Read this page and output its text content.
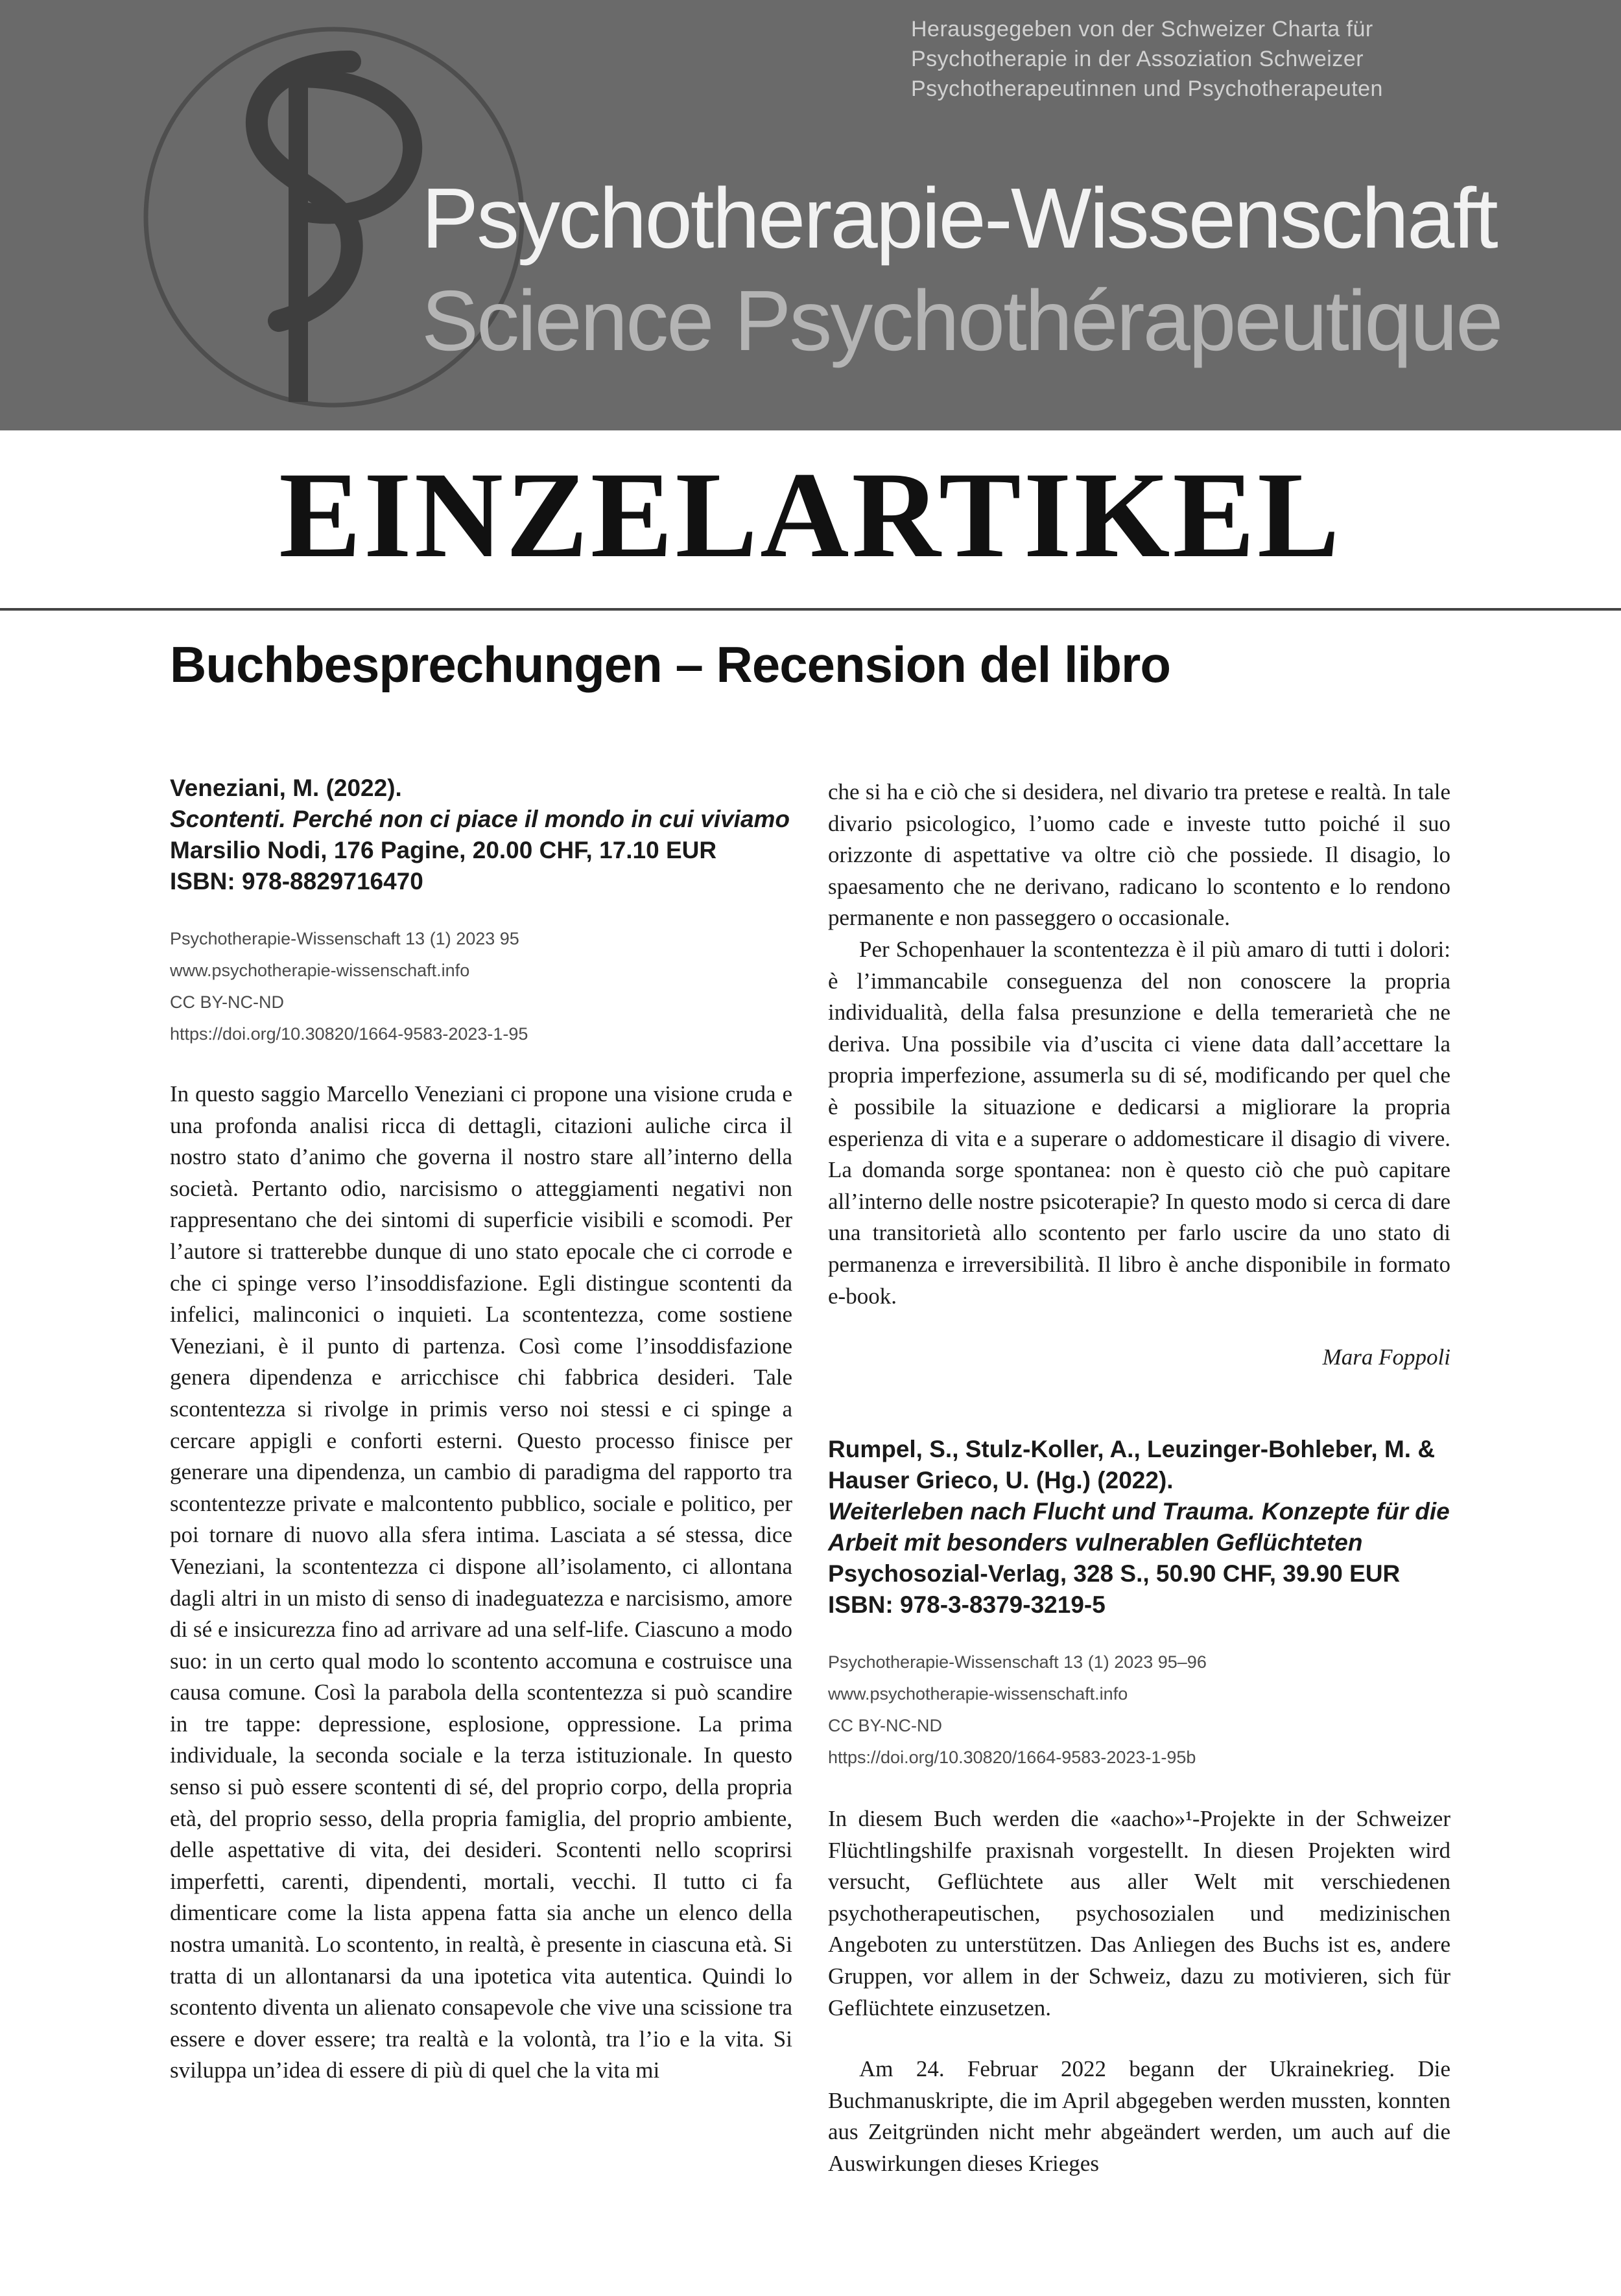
Herausgegeben von der Schweizer Charta für
Psychotherapie in der Assoziation Schweizer
Psychotherapeutinnen und Psychotherapeuten
Psychotherapie-Wissenschaft
Science Psychothérapeutique
EINZELARTIKEL
Buchbesprechungen – Recension del libro
Veneziani, M. (2022).
Scontenti. Perché non ci piace il mondo in cui viviamo
Marsilio Nodi, 176 Pagine, 20.00 CHF, 17.10 EUR
ISBN: 978-8829716470
Psychotherapie-Wissenschaft 13 (1) 2023 95
www.psychotherapie-wissenschaft.info
CC BY-NC-ND
https://doi.org/10.30820/1664-9583-2023-1-95

In questo saggio Marcello Veneziani ci propone una visione cruda e una profonda analisi ricca di dettagli, citazioni auliche circa il nostro stato d’animo che governa il nostro stare all’interno della società. Pertanto odio, narcisismo o atteggiamenti negativi non rappresentano che dei sintomi di superficie visibili e scomodi. Per l’autore si tratterebbe dunque di uno stato epocale che ci corrode e che ci spinge verso l’insoddisfazione. Egli distingue scontenti da infelici, malinconici o inquieti. La scontentezza, come sostiene Veneziani, è il punto di partenza. Così come l’insoddisfazione genera dipendenza e arricchisce chi fabbrica desideri. Tale scontentezza si rivolge in primis verso noi stessi e ci spinge a cercare appigli e conforti esterni. Questo processo finisce per generare una dipendenza, un cambio di paradigma del rapporto tra scontentezze private e malcontento pubblico, sociale e politico, per poi tornare di nuovo alla sfera intima. Lasciata a sé stessa, dice Veneziani, la scontentezza ci dispone all’isolamento, ci allontana dagli altri in un misto di senso di inadeguatezza e narcisismo, amore di sé e insicurezza fino ad arrivare ad una self-life. Ciascuno a modo suo: in un certo qual modo lo scontento accomuna e costruisce una causa comune. Così la parabola della scontentezza si può scandire in tre tappe: depressione, esplosione, oppressione. La prima individuale, la seconda sociale e la terza istituzionale. In questo senso si può essere scontenti di sé, del proprio corpo, della propria età, del proprio sesso, della propria famiglia, del proprio ambiente, delle aspettative di vita, dei desideri. Scontenti nello scoprirsi imperfetti, carenti, dipendenti, mortali, vecchi. Il tutto ci fa dimenticare come la lista appena fatta sia anche un elenco della nostra umanità. Lo scontento, in realtà, è presente in ciascuna età. Si tratta di un allontanarsi da una ipotetica vita autentica. Quindi lo scontento diventa un alienato consapevole che vive una scissione tra essere e dover essere; tra realtà e la volontà, tra l’io e la vita. Si sviluppa un’idea di essere di più di quel che la vita mi

che si ha e ciò che si desidera, nel divario tra pretese e realtà. In tale divario psicologico, l’uomo cade e investe tutto poiché il suo orizzonte di aspettative va oltre ciò che possiede. Il disagio, lo spaesamento che ne derivano, radicano lo scontento e lo rendono permanente e non passeggero o occasionale.

Per Schopenhauer la scontentezza è il più amaro di tutti i dolori: è l’immancabile conseguenza del non conoscere la propria individualità, della falsa presunzione e della temerarietà che ne deriva. Una possibile via d’uscita ci viene data dall’accettare la propria imperfezione, assumerla su di sé, modificando per quel che è possibile la situazione e dedicarsi a migliorare la propria esperienza di vita e a superare o addomesticare il disagio di vivere. La domanda sorge spontanea: non è questo ciò che può capitare all’interno delle nostre psicoterapie? In questo modo si cerca di dare una transitorietà allo scontento per farlo uscire da uno stato di permanenza e irreversibilità. Il libro è anche disponibile in formato e-book.

Mara Foppoli
Rumpel, S., Stulz-Koller, A., Leuzinger-Bohleber, M. & Hauser Grieco, U. (Hg.) (2022).
Weiterleben nach Flucht und Trauma. Konzepte für die Arbeit mit besonders vulnerablen Geflüchteten
Psychosozial-Verlag, 328 S., 50.90 CHF, 39.90 EUR
ISBN: 978-3-8379-3219-5
Psychotherapie-Wissenschaft 13 (1) 2023 95–96
www.psychotherapie-wissenschaft.info
CC BY-NC-ND
https://doi.org/10.30820/1664-9583-2023-1-95b

In diesem Buch werden die «aacho»¹-Projekte in der Schweizer Flüchtlingshilfe praxisnah vorgestellt. In diesen Projekten wird versucht, Geflüchtete aus aller Welt mit verschiedenen psychotherapeutischen, psychosozialen und medizinischen Angeboten zu unterstützen. Das Anliegen des Buchs ist es, andere Gruppen, vor allem in der Schweiz, dazu zu motivieren, sich für Geflüchtete einzusetzen.

Am 24. Februar 2022 begann der Ukrainekrieg. Die Buchmanuskripte, die im April abgegeben werden mussten, konnten aus Zeitgründen nicht mehr abgeändert werden, um auch auf die Auswirkungen dieses Krieges
